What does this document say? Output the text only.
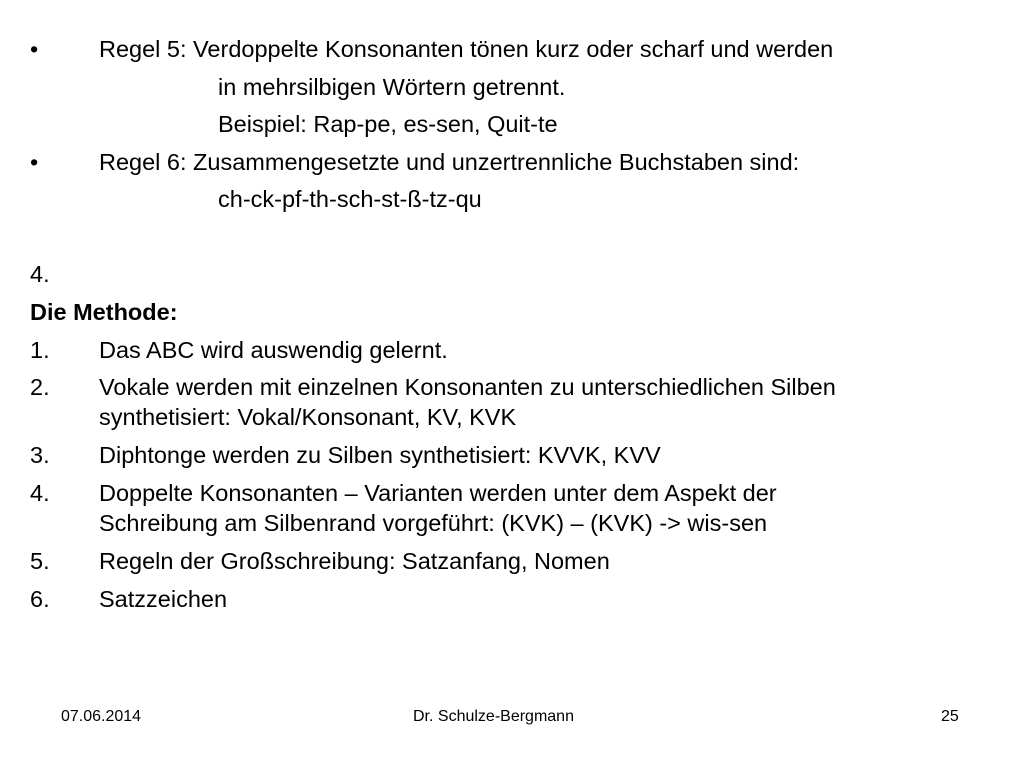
•	Regel 5: Verdoppelte Konsonanten tönen kurz oder scharf und werden
in mehrsilbigen Wörtern getrennt.
Beispiel: Rap-pe, es-sen, Quit-te
•	Regel 6: Zusammengesetzte und unzertrennliche Buchstaben sind:
ch-ck-pf-th-sch-st-ß-tz-qu
4.
Die Methode:
1. Das ABC wird auswendig gelernt.
2. Vokale werden mit einzelnen Konsonanten zu unterschiedlichen Silben
synthetisiert: Vokal/Konsonant, KV, KVK
3. Diphtonge werden zu Silben synthetisiert: KVVK, KVV
4. Doppelte Konsonanten – Varianten werden unter dem Aspekt der
Schreibung am Silbenrand vorgeführt: (KVK) – (KVK) -> wis-sen
5. Regeln der Großschreibung: Satzanfang, Nomen
6. Satzzeichen
07.06.2014	Dr. Schulze-Bergmann	25
